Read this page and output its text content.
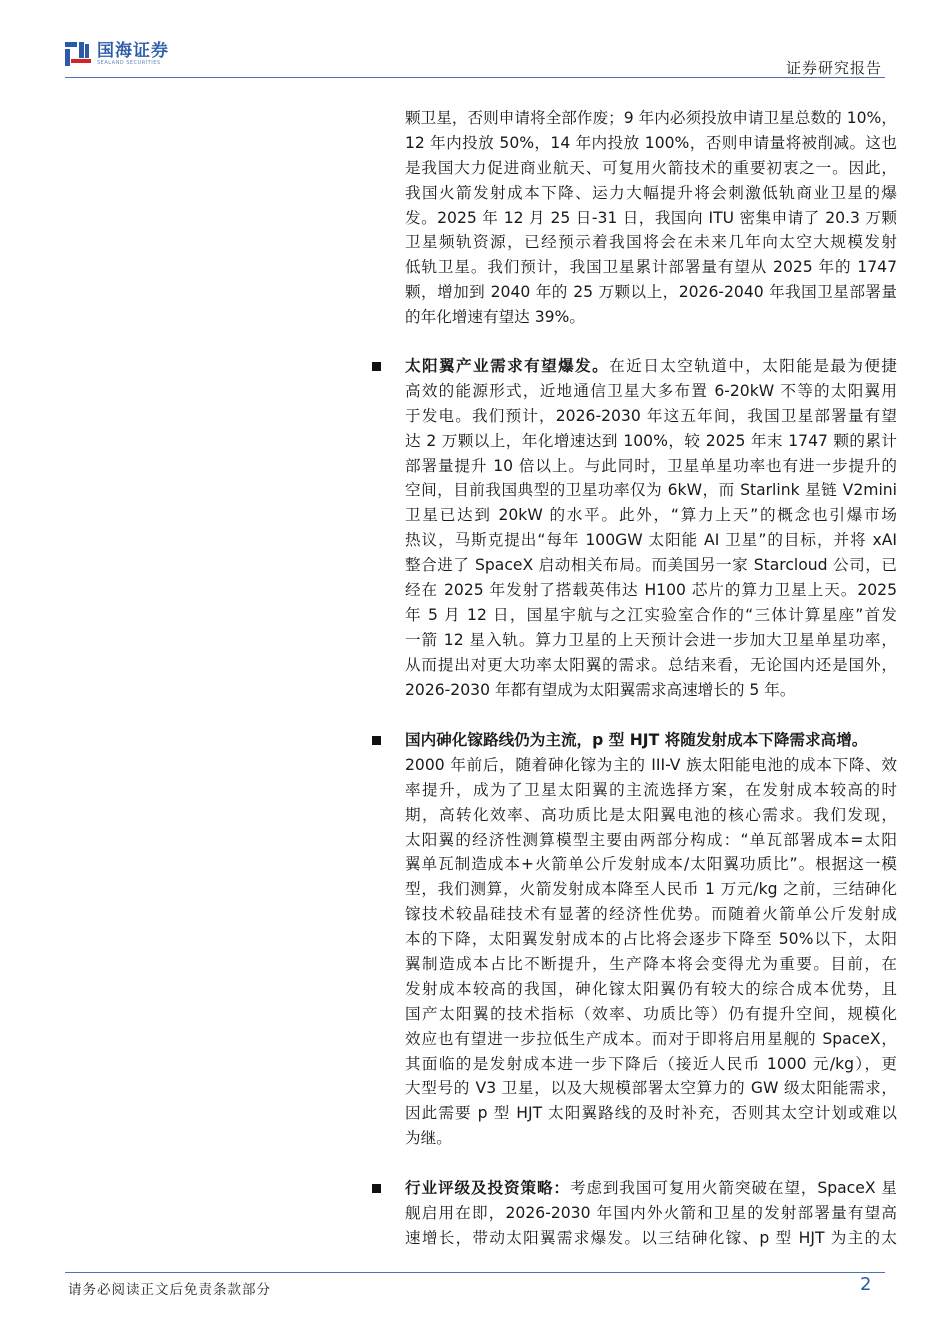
国海证券
SEALAND SECURITIES	证券研究报告
颗卫星，否则申请将全部作废；9 年内必须投放申请卫星总数的 10%，
12 年内投放 50%，14 年内投放 100%，否则申请量将被削减。这也
是我国大力促进商业航天、可复用火箭技术的重要初衷之一。因此，
我国火箭发射成本下降、运力大幅提升将会刺激低轨商业卫星的爆
发。2025 年 12 月 25 日-31 日，我国向 ITU 密集申请了 20.3 万颗
卫星频轨资源，已经预示着我国将会在未来几年向太空大规模发射
低轨卫星。我们预计，我国卫星累计部署量有望从 2025 年的 1747
颗，增加到 2040 年的 25 万颗以上，2026-2040 年我国卫星部署量
的年化增速有望达 39%。
太阳翼产业需求有望爆发。在近日太空轨道中，太阳能是最为便捷
高效的能源形式，近地通信卫星大多布置 6-20kW 不等的太阳翼用
于发电。我们预计，2026-2030 年这五年间，我国卫星部署量有望
达 2 万颗以上，年化增速达到 100%，较 2025 年末 1747 颗的累计
部署量提升 10 倍以上。与此同时，卫星单星功率也有进一步提升的
空间，目前我国典型的卫星功率仅为 6kW，而 Starlink 星链 V2mini
卫星已达到 20kW 的水平。此外，“算力上天”的概念也引爆市场
热议，马斯克提出“每年 100GW 太阳能 AI 卫星”的目标，并将 xAI
整合进了 SpaceX 启动相关布局。而美国另一家 Starcloud 公司，已
经在 2025 年发射了搭载英伟达 H100 芯片的算力卫星上天。2025
年 5 月 12 日，国星宇航与之江实验室合作的“三体计算星座”首发
一箭 12 星入轨。算力卫星的上天预计会进一步加大卫星单星功率，
从而提出对更大功率太阳翼的需求。总结来看，无论国内还是国外，
2026-2030 年都有望成为太阳翼需求高速增长的 5 年。
国内砷化镓路线仍为主流，p 型 HJT 将随发射成本下降需求高增。
2000 年前后，随着砷化镓为主的 III-V 族太阳能电池的成本下降、效
率提升，成为了卫星太阳翼的主流选择方案，在发射成本较高的时
期，高转化效率、高功质比是太阳翼电池的核心需求。我们发现，
太阳翼的经济性测算模型主要由两部分构成：“单瓦部署成本=太阳
翼单瓦制造成本+火箭单公斤发射成本/太阳翼功质比”。根据这一模
型，我们测算，火箭发射成本降至人民币 1 万元/kg 之前，三结砷化
镓技术较晶硅技术有显著的经济性优势。而随着火箭单公斤发射成
本的下降，太阳翼发射成本的占比将会逐步下降至 50%以下，太阳
翼制造成本占比不断提升，生产降本将会变得尤为重要。目前，在
发射成本较高的我国，砷化镓太阳翼仍有较大的综合成本优势，且
国产太阳翼的技术指标（效率、功质比等）仍有提升空间，规模化
效应也有望进一步拉低生产成本。而对于即将启用星舰的 SpaceX，
其面临的是发射成本进一步下降后（接近人民币 1000 元/kg），更
大型号的 V3 卫星，以及大规模部署太空算力的 GW 级太阳能需求，
因此需要 p 型 HJT 太阳翼路线的及时补充，否则其太空计划或难以
为继。
行业评级及投资策略：考虑到我国可复用火箭突破在望，SpaceX 星
舰启用在即，2026-2030 年国内外火箭和卫星的发射部署量有望高
速增长，带动太阳翼需求爆发。以三结砷化镓、p 型 HJT 为主的太
请务必阅读正文后免责条款部分	2
